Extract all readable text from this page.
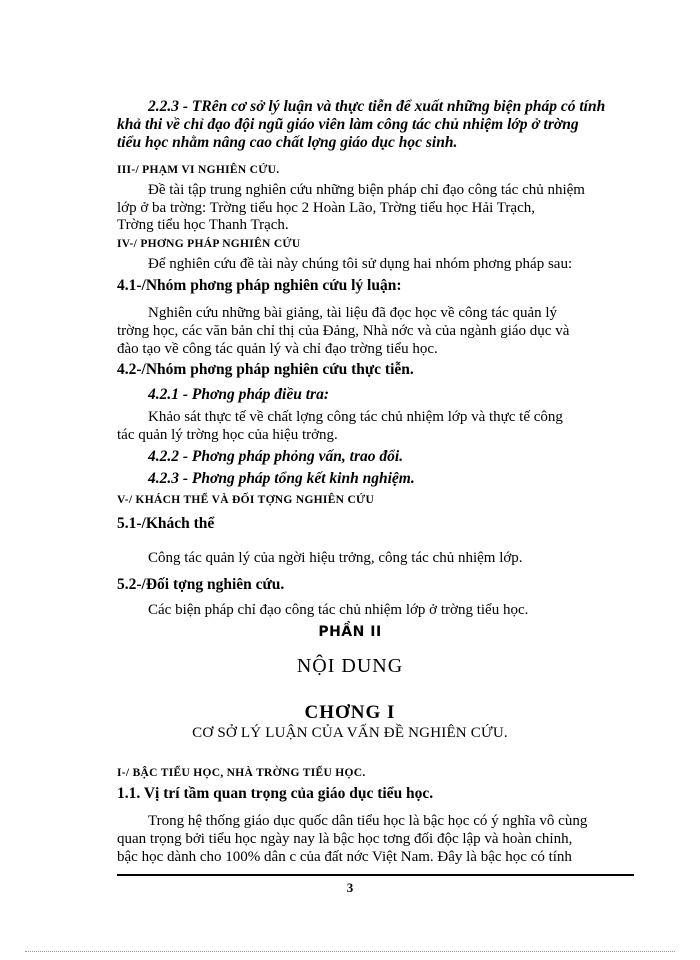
2.2.3 - TRên cơ sở lý luận và thực tiễn để xuất những biện pháp có tính

khả thi về chỉ đạo đội ngũ giáo viên làm công tác chủ nhiệm lớp ở trờng

tiểu học nhằm nâng cao chất lợng giáo dục học sinh.

III-/ PHẠM VI NGHIÊN CỨU.

Đề tài tập trung nghiên cứu những biện pháp chỉ đạo công tác chủ nhiệm

lớp ở ba trờng: Trờng tiểu học 2 Hoàn Lão, Trờng tiểu học Hải Trạch,

Trờng tiểu học Thanh Trạch.

IV-/ PHƠNG PHÁP NGHIÊN CỨU

Để nghiên cứu đề tài này chúng tôi sử dụng hai nhóm phơng pháp sau:

4.1-/Nhóm phơng pháp nghiên cứu lý luận:

Nghiên cứu những bài giảng, tài liệu đã đọc học về công tác quản lý

trờng học, các văn bản chỉ thị của Đảng, Nhà nớc và của ngành giáo dục và

đào tạo về công tác quản lý và chỉ đạo trờng tiểu học.

4.2-/Nhóm phơng pháp nghiên cứu thực tiễn.

4.2.1 - Phơng pháp điều tra:

Khảo sát thực tế về chất lợng công tác chủ nhiệm lớp và thực tế công

tác quản lý trờng học của hiệu trởng.

4.2.2 - Phơng pháp phỏng vấn, trao đổi.

4.2.3 - Phơng pháp tổng kết kinh nghiệm.

V-/ KHÁCH THỂ VÀ ĐỐI TỢNG NGHIÊN CỨU

5.1-/Khách thể

Công tác quản lý của ngời hiệu trởng, công tác chủ nhiệm lớp.

5.2-/Đối tợng nghiên cứu.

Các biện pháp chỉ đạo công tác chủ nhiệm lớp ở trờng tiểu học.

PHẦN II

NỘI DUNG

CHƠNG I

CƠ SỞ LÝ LUẬN CỦA VẤN ĐỀ NGHIÊN CỨU.

I-/ BẬC TIỂU HỌC, NHÀ TRỜNG TIỂU HỌC.

1.1. Vị trí tầm quan trọng của giáo dục tiểu học.

Trong hệ thống giáo dục quốc dân tiểu học là bậc học có ý nghĩa vô cùng

quan trọng bởi tiểu học ngày nay là bậc học tơng đối độc lập và hoàn chỉnh,

bậc học dành cho 100% dân c của đất nớc Việt Nam. Đây là bậc học có tính

3
